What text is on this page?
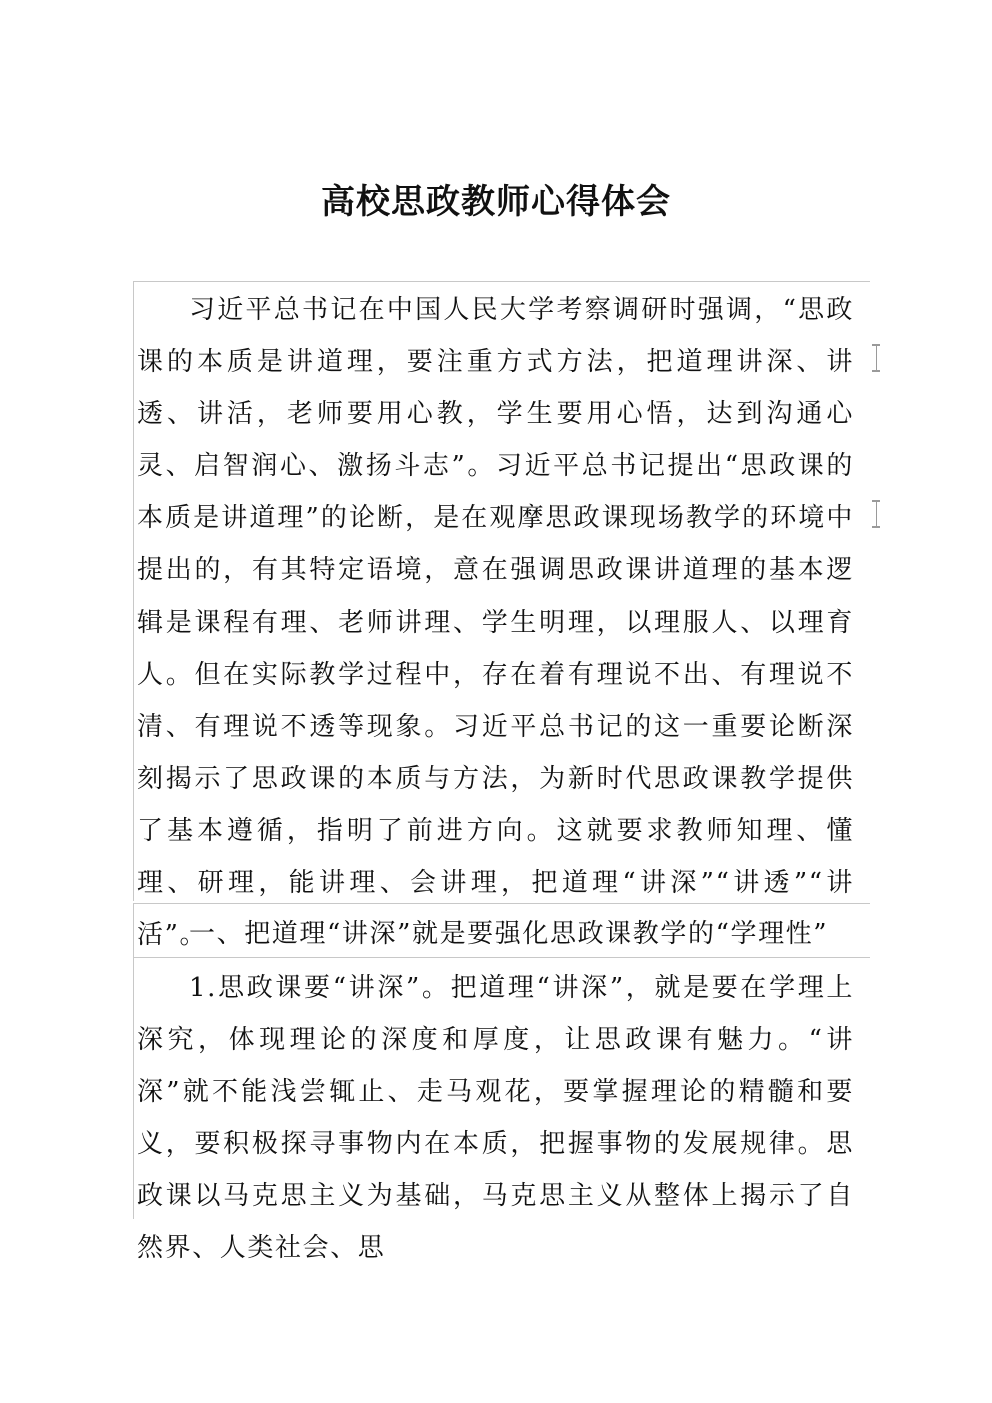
高校思政教师心得体会

习近平总书记在中国人民大学考察调研时强调，“思政课的本质是讲道理，要注重方式方法，把道理讲深、讲透、讲活，老师要用心教，学生要用心悟，达到沟通心灵、启智润心、激扬斗志”。习近平总书记提出“思政课的本质是讲道理”的论断，是在观摩思政课现场教学的环境中提出的，有其特定语境，意在强调思政课讲道理的基本逻辑是课程有理、老师讲理、学生明理，以理服人、以理育人。但在实际教学过程中，存在着有理说不出、有理说不清、有理说不透等现象。习近平总书记的这一重要论断深刻揭示了思政课的本质与方法，为新时代思政课教学提供了基本遵循，指明了前进方向。这就要求教师知理、懂理、研理，能讲理、会讲理，把道理“讲深”“讲透”“讲活”。

一、把道理“讲深”就是要强化思政课教学的“学理性”

1.思政课要“讲深”。把道理“讲深”，就是要在学理上深究，体现理论的深度和厚度，让思政课有魅力。“讲深”就不能浅尝辄止、走马观花，要掌握理论的精髓和要义，要积极探寻事物内在本质，把握事物的发展规律。思政课以马克思主义为基础，马克思主义从整体上揭示了自然界、人类社会、思
